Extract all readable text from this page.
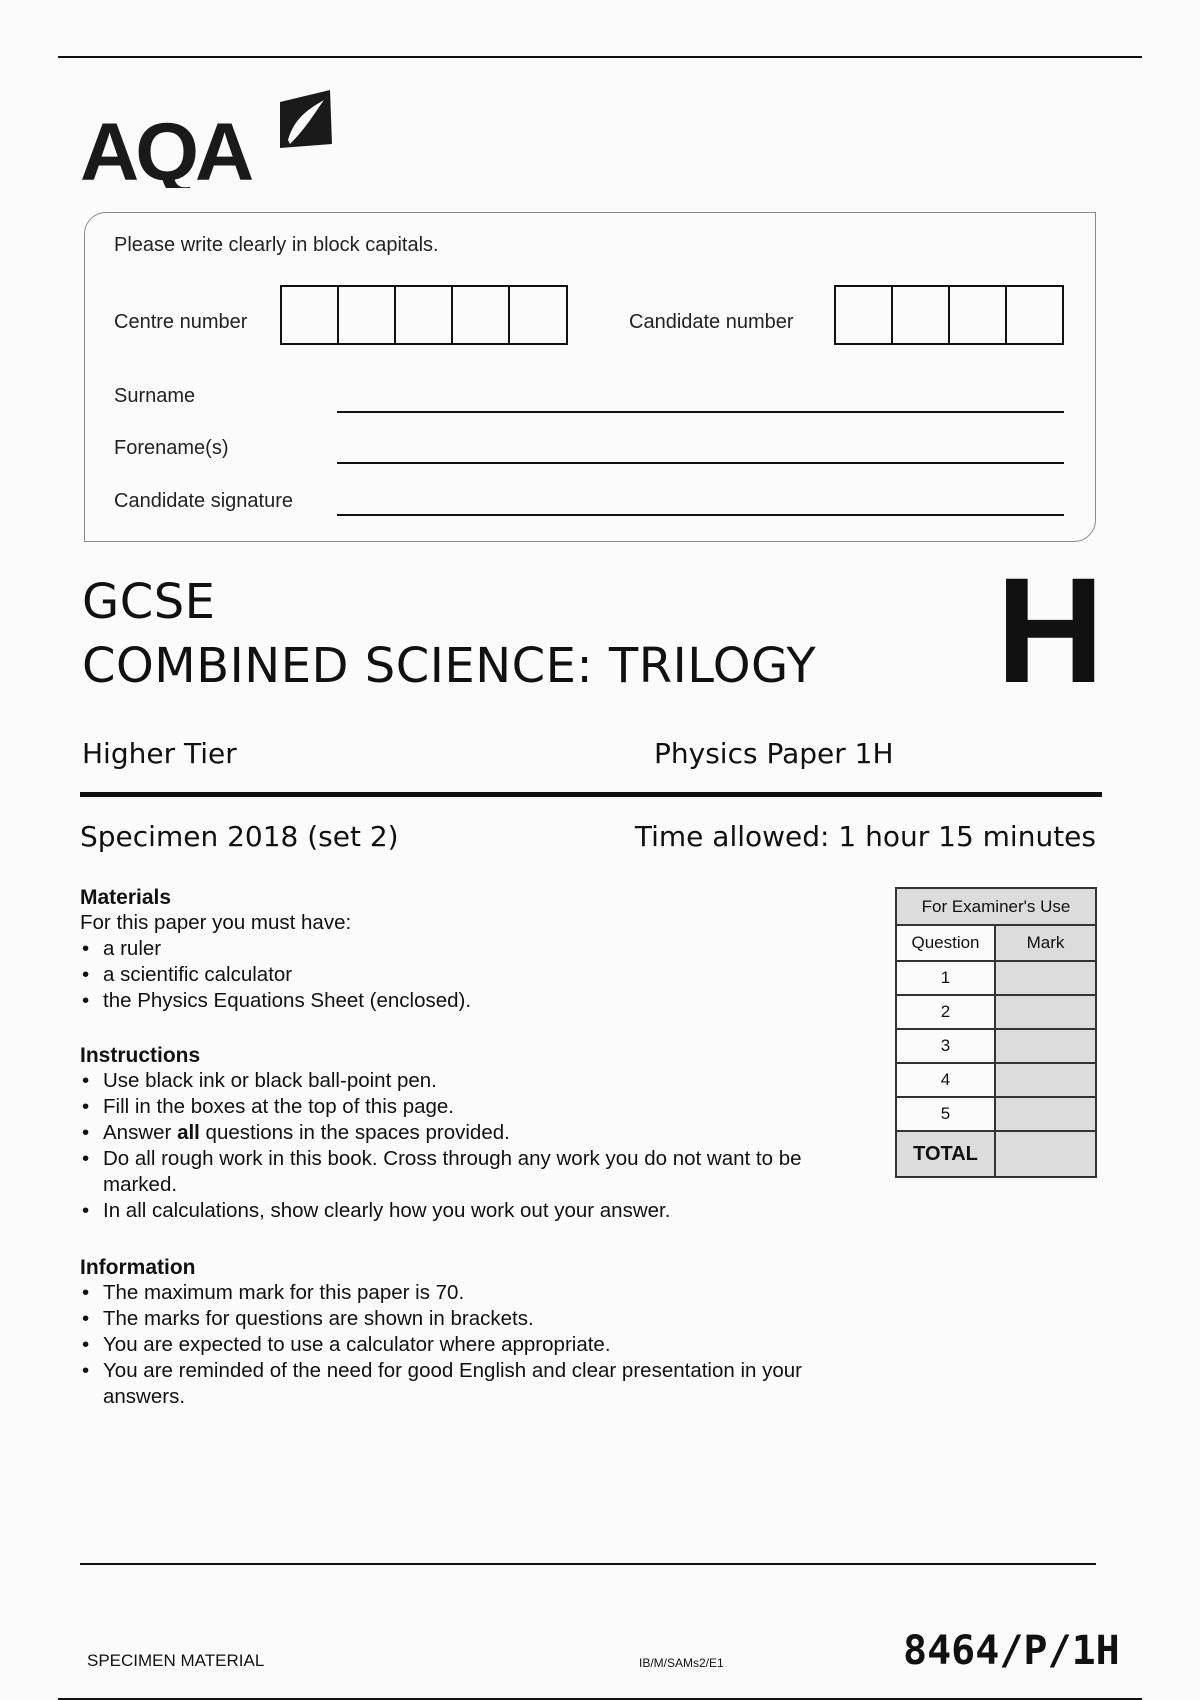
AQA
Please write clearly in block capitals.
Centre number	Candidate number
Surname
Forename(s)
Candidate signature
GCSE
COMBINED SCIENCE: TRILOGY H
Higher Tier	Physics Paper 1H
Specimen 2018 (set 2)	Time allowed: 1 hour 15 minutes
Materials
For this paper you must have:
• a ruler
• a scientific calculator
• the Physics Equations Sheet (enclosed).
Instructions
• Use black ink or black ball-point pen.
• Fill in the boxes at the top of this page.
• Answer all questions in the spaces provided.
• Do all rough work in this book. Cross through any work you do not want to be marked.
• In all calculations, show clearly how you work out your answer.
Information
• The maximum mark for this paper is 70.
• The marks for questions are shown in brackets.
• You are expected to use a calculator where appropriate.
• You are reminded of the need for good English and clear presentation in your answers.
For Examiner's Use	
Question	Mark
1	
2	
3	
4	
5	
TOTAL	
SPECIMEN MATERIAL	IB/M/SAMs2/E1	8464/P/1H
